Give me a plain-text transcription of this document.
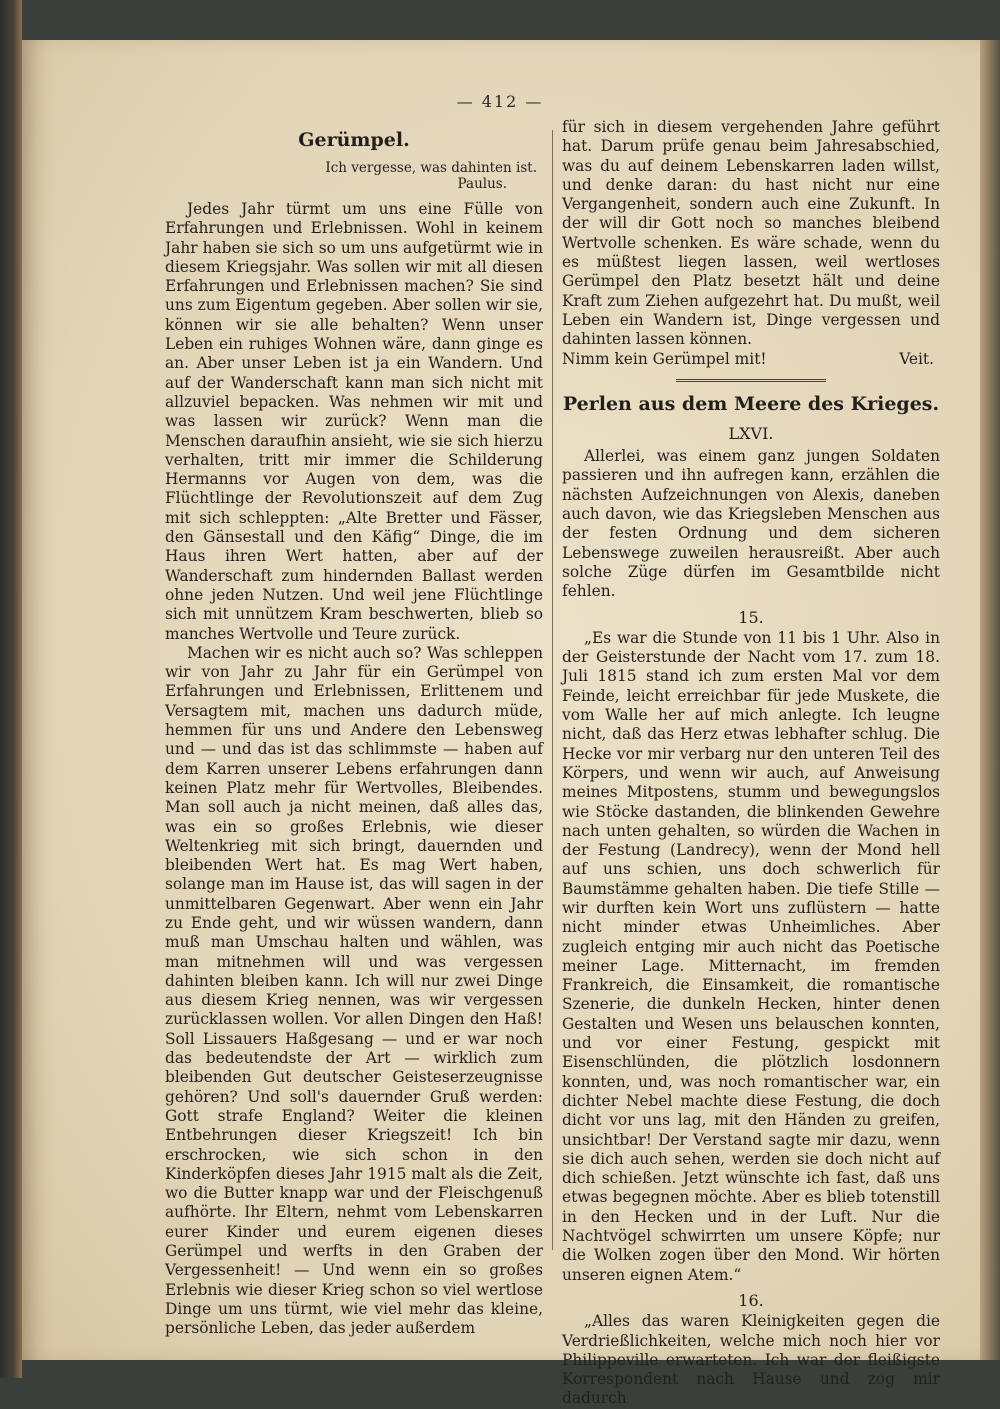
— 412 —
Gerümpel.
Ich vergesse, was dahinten ist.
Paulus.

Jedes Jahr türmt um uns eine Fülle von Erfahrungen und Erlebnissen. Wohl in keinem Jahr haben sie sich so um uns aufgetürmt wie in diesem Kriegsjahr. Was sollen wir mit all diesen Erfahrungen und Erlebnissen machen? Sie sind uns zum Eigentum gegeben. Aber sollen wir sie, können wir sie alle behalten? Wenn unser Leben ein ruhiges Wohnen wäre, dann ginge es an. Aber unser Leben ist ja ein Wandern. Und auf der Wanderschaft kann man sich nicht mit allzuviel bepacken. Was nehmen wir mit und was lassen wir zurück? Wenn man die Menschen daraufhin ansieht, wie sie sich hierzu verhalten, tritt mir immer die Schilderung Hermanns vor Augen von dem, was die Flüchtlinge der Revolutionszeit auf dem Zug mit sich schleppten: „Alte Bretter und Fässer, den Gänsestall und den Käfig“ Dinge, die im Haus ihren Wert hatten, aber auf der Wanderschaft zum hindernden Ballast werden ohne jeden Nutzen. Und weil jene Flüchtlinge sich mit unnützem Kram beschwerten, blieb so manches Wertvolle und Teure zurück.

Machen wir es nicht auch so? Was schleppen wir von Jahr zu Jahr für ein Gerümpel von Erfahrungen und Erlebnissen, Erlittenem und Versagtem mit, machen uns dadurch müde, hemmen für uns und Andere den Lebensweg und — und das ist das schlimmste — haben auf dem Karren unserer Lebens erfahrungen dann keinen Platz mehr für Wertvolles, Bleibendes. Man soll auch ja nicht meinen, daß alles das, was ein so großes Erlebnis, wie dieser Weltenkrieg mit sich bringt, dauernden und bleibenden Wert hat. Es mag Wert haben, solange man im Hause ist, das will sagen in der unmittelbaren Gegenwart. Aber wenn ein Jahr zu Ende geht, und wir wüssen wandern, dann muß man Umschau halten und wählen, was man mitnehmen will und was vergessen dahinten bleiben kann. Ich will nur zwei Dinge aus diesem Krieg nennen, was wir vergessen zurücklassen wollen. Vor allen Dingen den Haß! Soll Lissauers Haßgesang — und er war noch das bedeutendste der Art — wirklich zum bleibenden Gut deutscher Geisteserzeugnisse gehören? Und soll's dauernder Gruß werden: Gott strafe England? Weiter die kleinen Entbehrungen dieser Kriegszeit! Ich bin erschrocken, wie sich schon in den Kinderköpfen dieses Jahr 1915 malt als die Zeit, wo die Butter knapp war und der Fleischgenuß aufhörte. Ihr Eltern, nehmt vom Lebenskarren eurer Kinder und eurem eigenen dieses Gerümpel und werfts in den Graben der Vergessenheit! — Und wenn ein so großes Erlebnis wie dieser Krieg schon so viel wertlose Dinge um uns türmt, wie viel mehr das kleine, persönliche Leben, das jeder außerdem

für sich in diesem vergehenden Jahre geführt hat. Darum prüfe genau beim Jahresabschied, was du auf deinem Lebenskarren laden willst, und denke daran: du hast nicht nur eine Vergangenheit, sondern auch eine Zukunft. In der will dir Gott noch so manches bleibend Wertvolle schenken. Es wäre schade, wenn du es müßtest liegen lassen, weil wertloses Gerümpel den Platz besetzt hält und deine Kraft zum Ziehen aufgezehrt hat. Du mußt, weil Leben ein Wandern ist, Dinge vergessen und dahinten lassen können.

Nimm kein Gerümpel mit!	Veit.
Perlen aus dem Meere des Krieges.
LXVI.

Allerlei, was einem ganz jungen Soldaten passieren und ihn aufregen kann, erzählen die nächsten Aufzeichnungen von Alexis, daneben auch davon, wie das Kriegsleben Menschen aus der festen Ordnung und dem sicheren Lebenswege zuweilen herausreißt. Aber auch solche Züge dürfen im Gesamtbilde nicht fehlen.

15.

„Es war die Stunde von 11 bis 1 Uhr. Also in der Geisterstunde der Nacht vom 17. zum 18. Juli 1815 stand ich zum ersten Mal vor dem Feinde, leicht erreichbar für jede Muskete, die vom Walle her auf mich anlegte. Ich leugne nicht, daß das Herz etwas lebhafter schlug. Die Hecke vor mir verbarg nur den unteren Teil des Körpers, und wenn wir auch, auf Anweisung meines Mitpostens, stumm und bewegungslos wie Stöcke dastanden, die blinkenden Gewehre nach unten gehalten, so würden die Wachen in der Festung (Landrecy), wenn der Mond hell auf uns schien, uns doch schwerlich für Baumstämme gehalten haben. Die tiefe Stille — wir durften kein Wort uns zuflüstern — hatte nicht minder etwas Unheimliches. Aber zugleich entging mir auch nicht das Poetische meiner Lage. Mitternacht, im fremden Frankreich, die Einsamkeit, die romantische Szenerie, die dunkeln Hecken, hinter denen Gestalten und Wesen uns belauschen konnten, und vor einer Festung, gespickt mit Eisenschlünden, die plötzlich losdonnern konnten, und, was noch romantischer war, ein dichter Nebel machte diese Festung, die doch dicht vor uns lag, mit den Händen zu greifen, unsichtbar! Der Verstand sagte mir dazu, wenn sie dich auch sehen, werden sie doch nicht auf dich schießen. Jetzt wünschte ich fast, daß uns etwas begegnen möchte. Aber es blieb totenstill in den Hecken und in der Luft. Nur die Nachtvögel schwirrten um unsere Köpfe; nur die Wolken zogen über den Mond. Wir hörten unseren eignen Atem.“

16.

„Alles das waren Kleinigkeiten gegen die Verdrießlichkeiten, welche mich noch hier vor Philippeville erwarteten. Ich war der fleißigste Korrespondent nach Hause und zog mir dadurch
